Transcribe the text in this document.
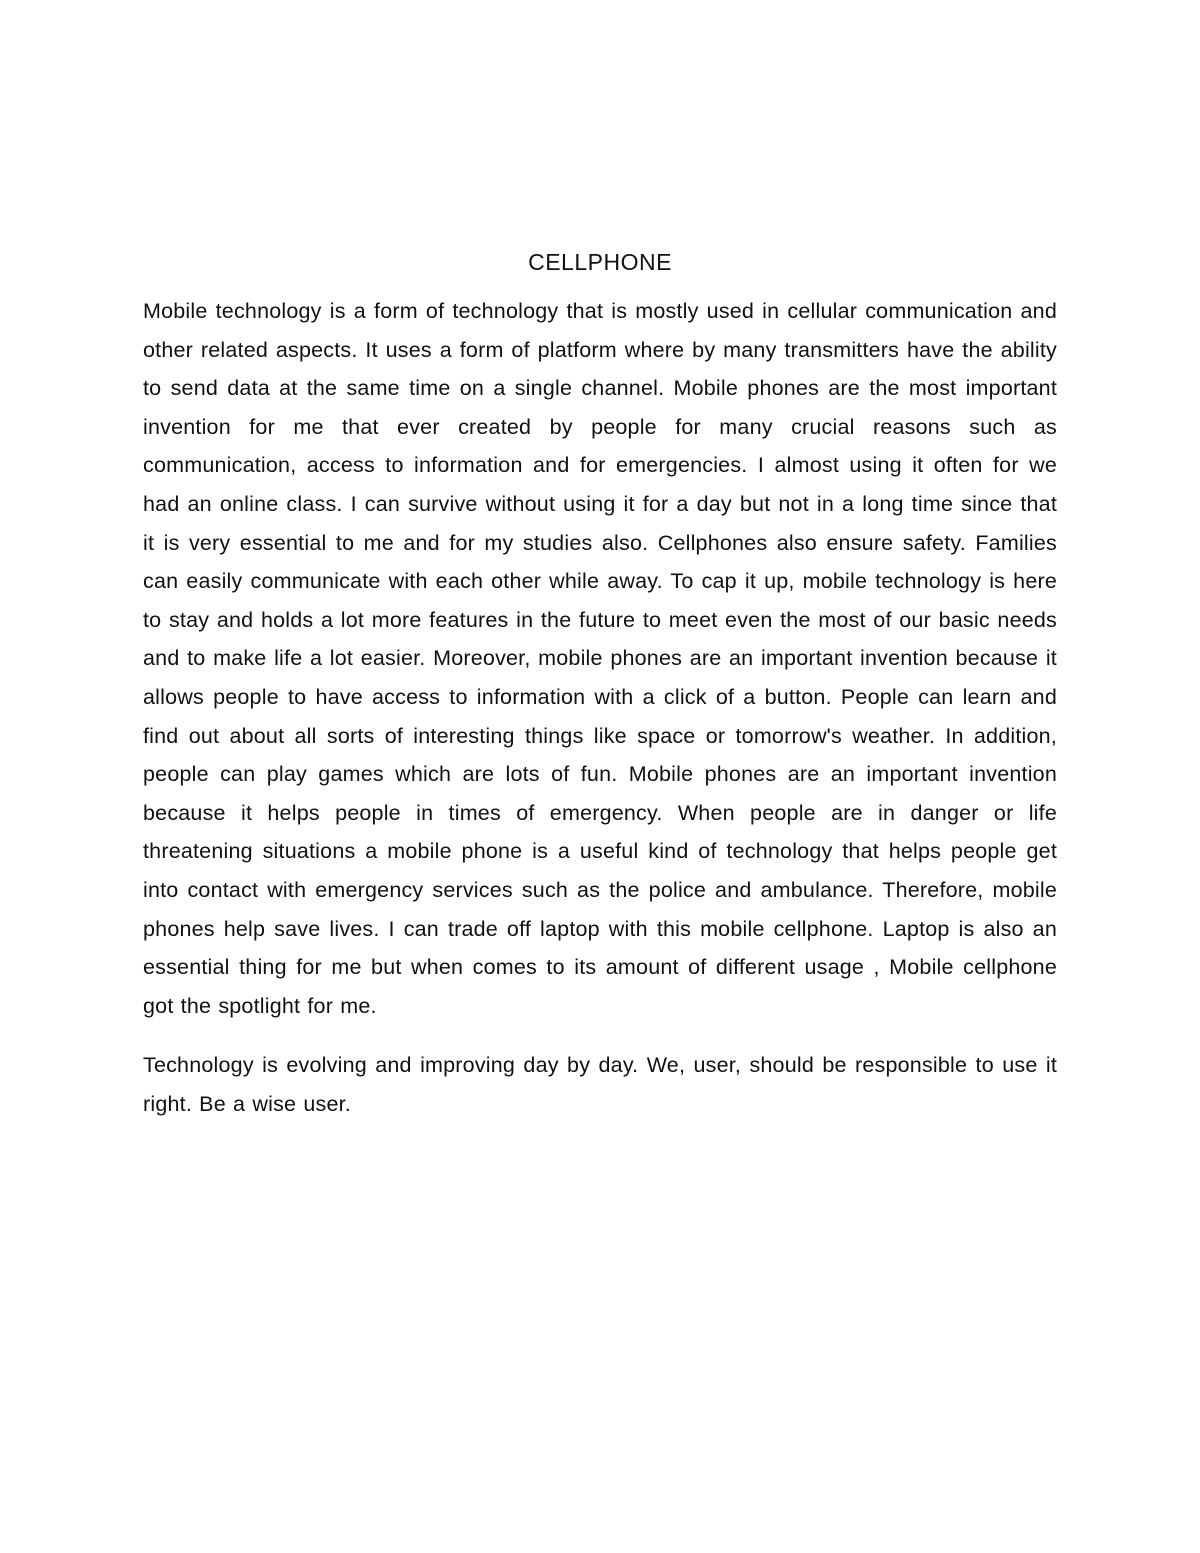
CELLPHONE

Mobile technology is a form of technology that is mostly used in cellular communication and other related aspects. It uses a form of platform where by many transmitters have the ability to send data at the same time on a single channel. Mobile phones are the most important invention for me that ever created by people for many crucial reasons such as communication, access to information and for emergencies. I almost using it often for we had an online class. I can survive without using it for a day but not in a long time since that it is very essential to me and for my studies also. Cellphones also ensure safety. Families can easily communicate with each other while away. To cap it up, mobile technology is here to stay and holds a lot more features in the future to meet even the most of our basic needs and to make life a lot easier. Moreover, mobile phones are an important invention because it allows people to have access to information with a click of a button. People can learn and find out about all sorts of interesting things like space or tomorrow's weather. In addition, people can play games which are lots of fun. Mobile phones are an important invention because it helps people in times of emergency. When people are in danger or life threatening situations a mobile phone is a useful kind of technology that helps people get into contact with emergency services such as the police and ambulance. Therefore, mobile phones help save lives. I can trade off laptop with this mobile cellphone. Laptop is also an essential thing for me but when comes to its amount of different usage , Mobile cellphone got the spotlight for me.

Technology is evolving and improving day by day. We, user, should be responsible to use it right. Be a wise user.
